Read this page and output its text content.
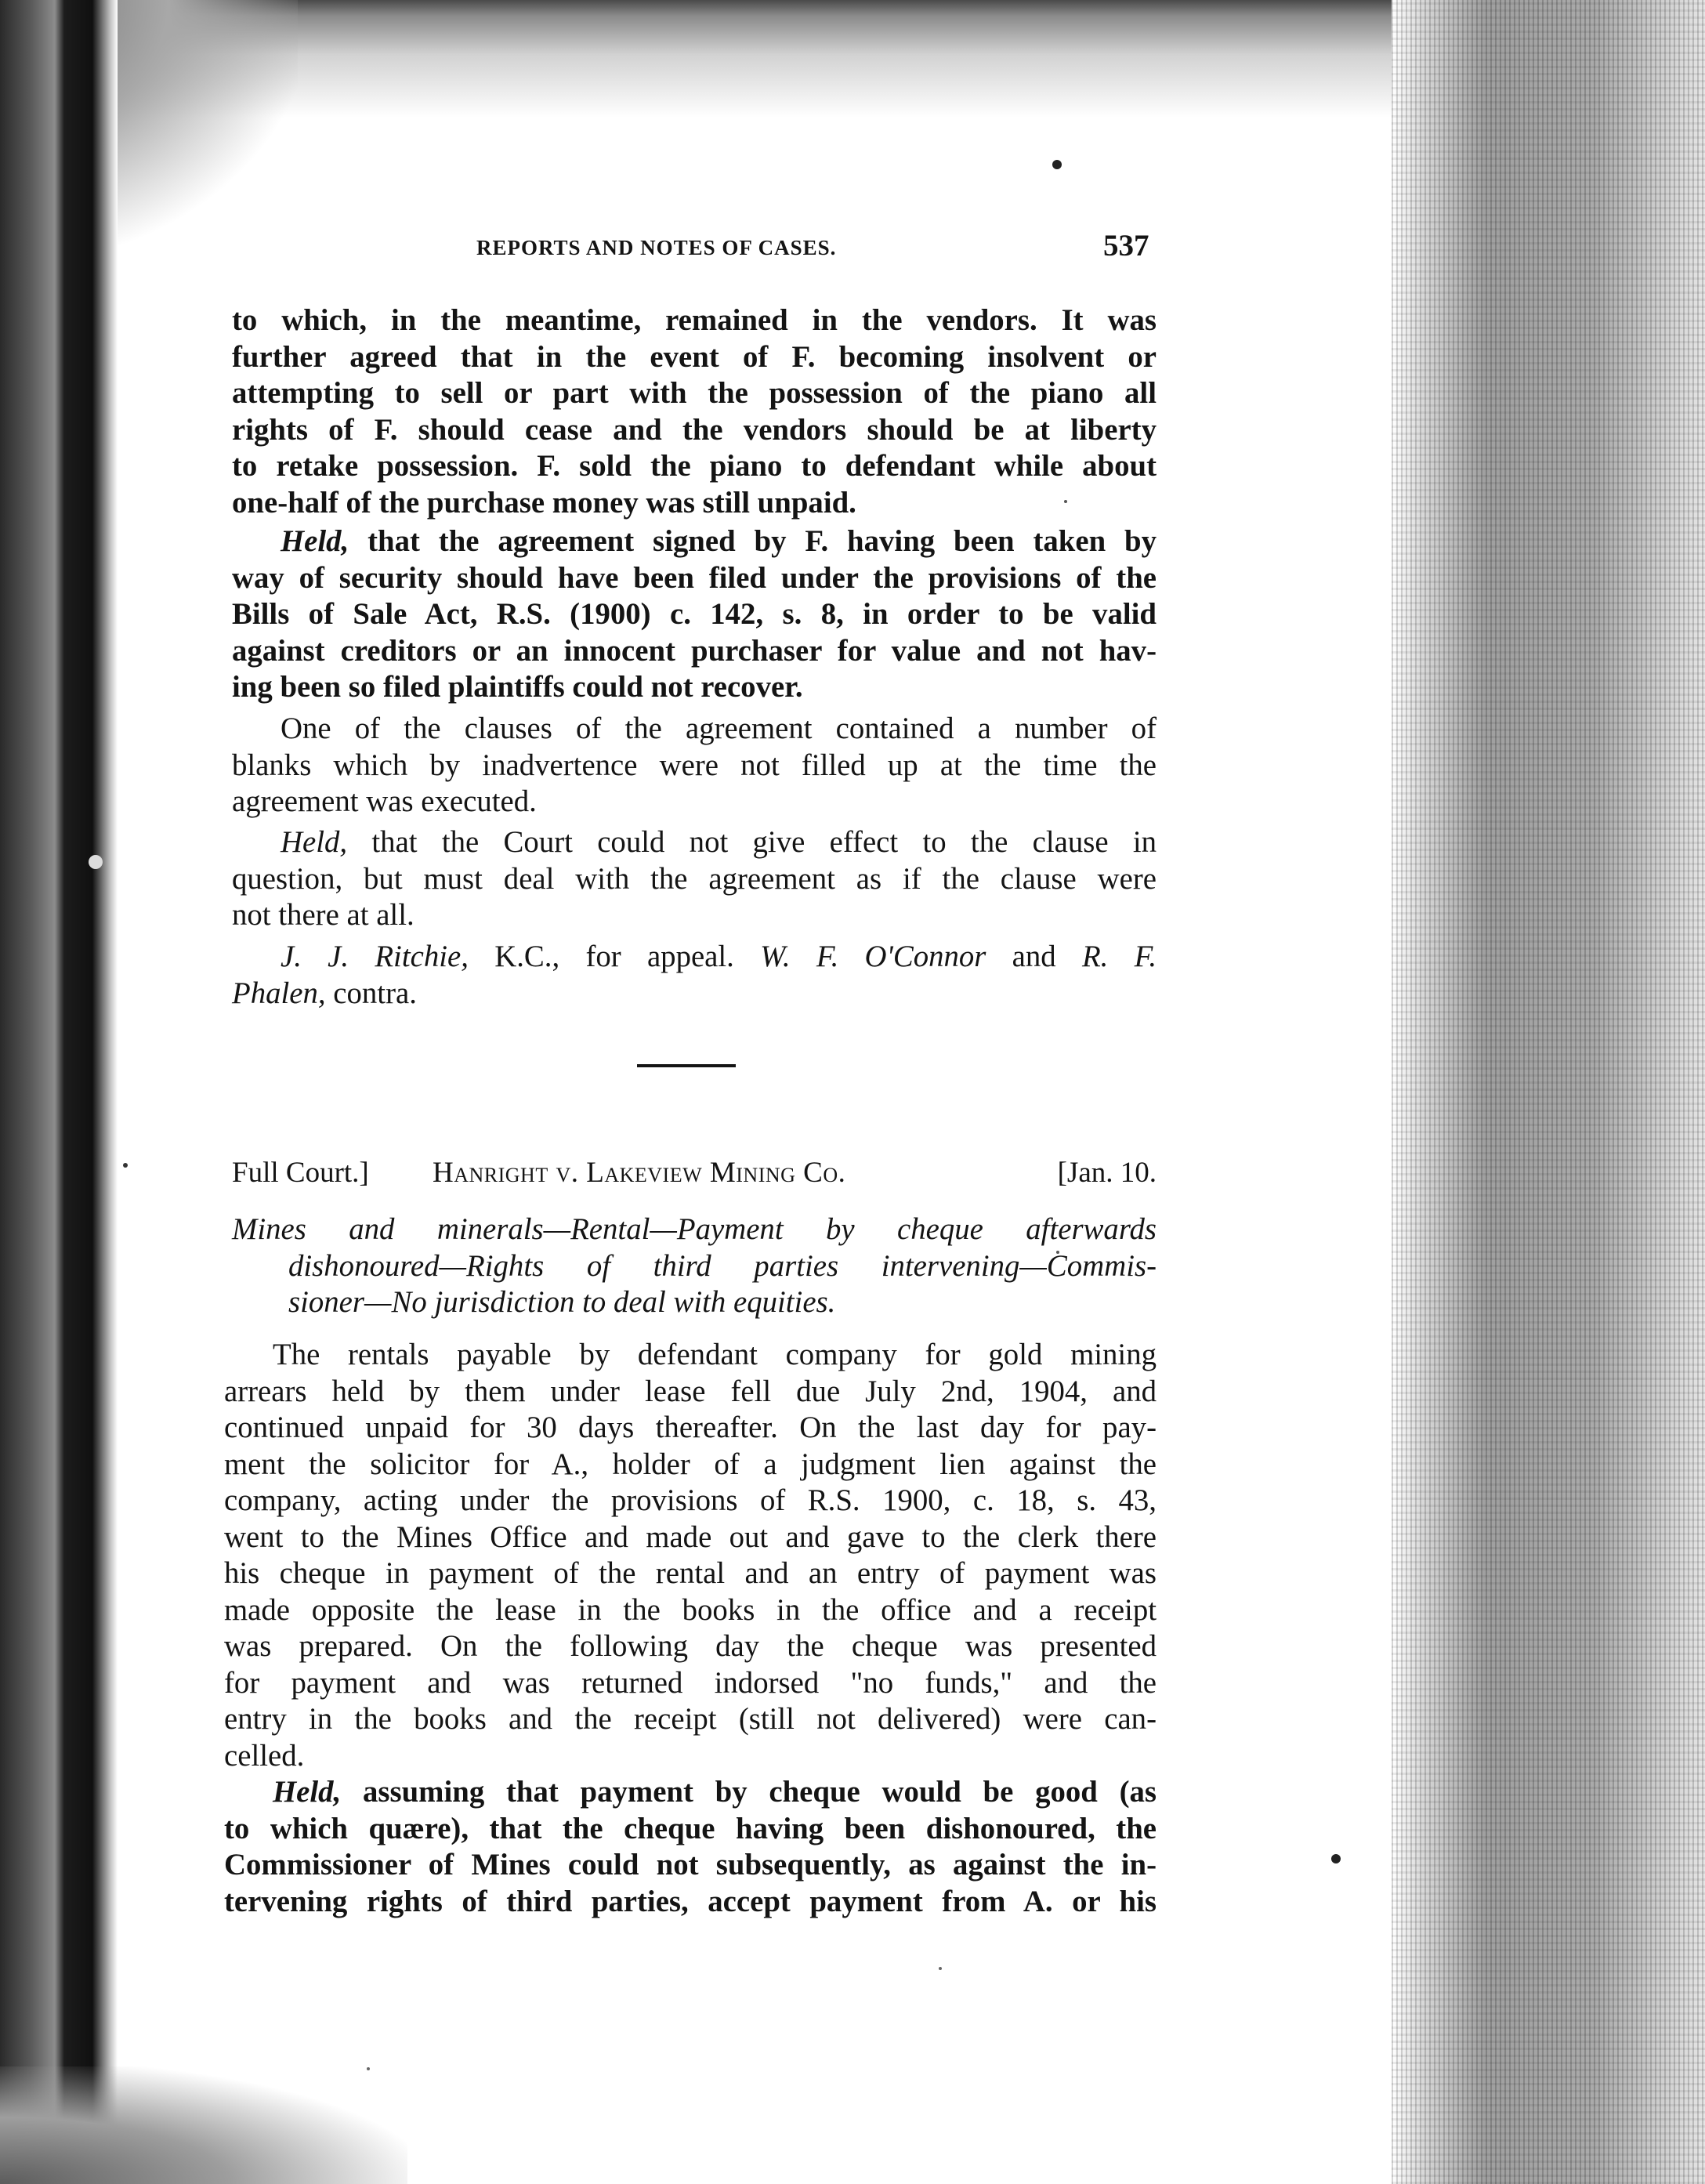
REPORTS AND NOTES OF CASES.	537
to which, in the meantime, remained in the vendors. It was
further agreed that in the event of F. becoming insolvent or
attempting to sell or part with the possession of the piano all
rights of F. should cease and the vendors should be at liberty
to retake possession. F. sold the piano to defendant while about
one-half of the purchase money was still unpaid.
Held, that the agreement signed by F. having been taken by
way of security should have been filed under the provisions of the
Bills of Sale Act, R.S. (1900) c. 142, s. 8, in order to be valid
against creditors or an innocent purchaser for value and not hav-
ing been so filed plaintiffs could not recover.
One of the clauses of the agreement contained a number of
blanks which by inadvertence were not filled up at the time the
agreement was executed.
Held, that the Court could not give effect to the clause in
question, but must deal with the agreement as if the clause were
not there at all.
J. J. Ritchie, K.C., for appeal. W. F. O'Connor and R. F.
Phalen, contra.
Full Court.] Hanright v. Lakeview Mining Co.	[Jan. 10.
Mines and minerals—Rental—Payment by cheque afterwards
dishonoured—Rights of third parties intervening—Commis-
sioner—No jurisdiction to deal with equities.
The rentals payable by defendant company for gold mining
arrears held by them under lease fell due July 2nd, 1904, and
continued unpaid for 30 days thereafter. On the last day for pay-
ment the solicitor for A., holder of a judgment lien against the
company, acting under the provisions of R.S. 1900, c. 18, s. 43,
went to the Mines Office and made out and gave to the clerk there
his cheque in payment of the rental and an entry of payment was
made opposite the lease in the books in the office and a receipt
was prepared. On the following day the cheque was presented
for payment and was returned indorsed "no funds," and the
entry in the books and the receipt (still not delivered) were can-
celled.
Held, assuming that payment by cheque would be good (as
to which quære), that the cheque having been dishonoured, the
Commissioner of Mines could not subsequently, as against the in-
tervening rights of third parties, accept payment from A. or his
